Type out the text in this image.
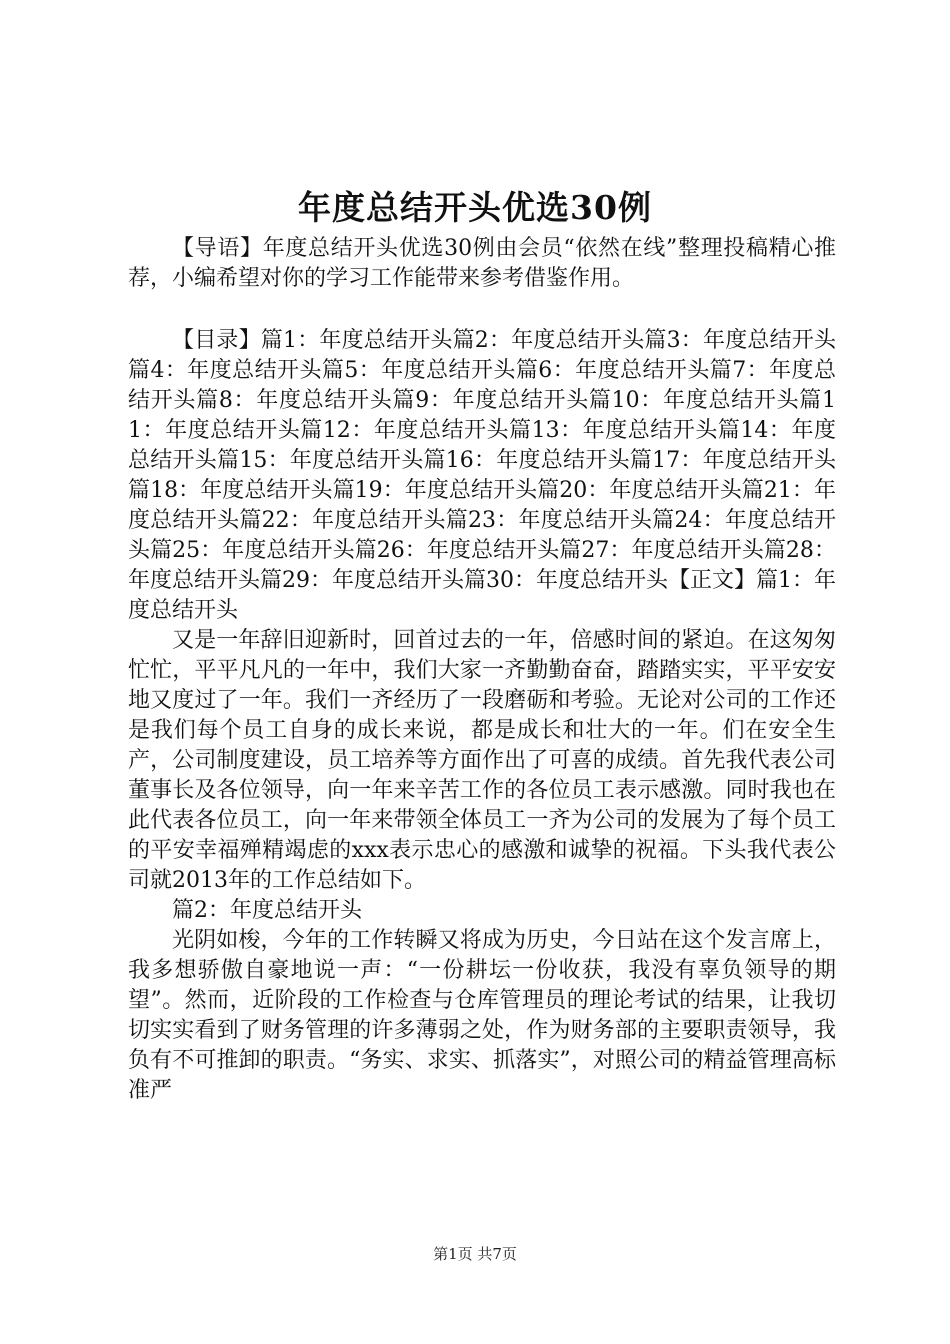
年度总结开头优选30例

【导语】年度总结开头优选30例由会员“依然在线”整理投稿精心推荐，小编希望对你的学习工作能带来参考借鉴作用。

【目录】篇1：年度总结开头篇2：年度总结开头篇3：年度总结开头篇4：年度总结开头篇5：年度总结开头篇6：年度总结开头篇7：年度总结开头篇8：年度总结开头篇9：年度总结开头篇10：年度总结开头篇11：年度总结开头篇12：年度总结开头篇13：年度总结开头篇14：年度总结开头篇15：年度总结开头篇16：年度总结开头篇17：年度总结开头篇18：年度总结开头篇19：年度总结开头篇20：年度总结开头篇21：年度总结开头篇22：年度总结开头篇23：年度总结开头篇24：年度总结开头篇25：年度总结开头篇26：年度总结开头篇27：年度总结开头篇28：年度总结开头篇29：年度总结开头篇30：年度总结开头【正文】篇1：年度总结开头

又是一年辞旧迎新时，回首过去的一年，倍感时间的紧迫。在这匆匆忙忙，平平凡凡的一年中，我们大家一齐勤勤奋奋，踏踏实实，平平安安地又度过了一年。我们一齐经历了一段磨砺和考验。无论对公司的工作还是我们每个员工自身的成长来说，都是成长和壮大的一年。们在安全生产，公司制度建设，员工培养等方面作出了可喜的成绩。首先我代表公司董事长及各位领导，向一年来辛苦工作的各位员工表示感激。同时我也在此代表各位员工，向一年来带领全体员工一齐为公司的发展为了每个员工的平安幸福殚精竭虑的xxx表示忠心的感激和诚挚的祝福。下头我代表公司就2013年的工作总结如下。

篇2：年度总结开头

光阴如梭，今年的工作转瞬又将成为历史，今日站在这个发言席上，我多想骄傲自豪地说一声：“一份耕坛一份收获，我没有辜负领导的期望”。然而，近阶段的工作检查与仓库管理员的理论考试的结果，让我切切实实看到了财务管理的许多薄弱之处，作为财务部的主要职责领导，我负有不可推卸的职责。“务实、求实、抓落实”，对照公司的精益管理高标准严

第1页 共7页
